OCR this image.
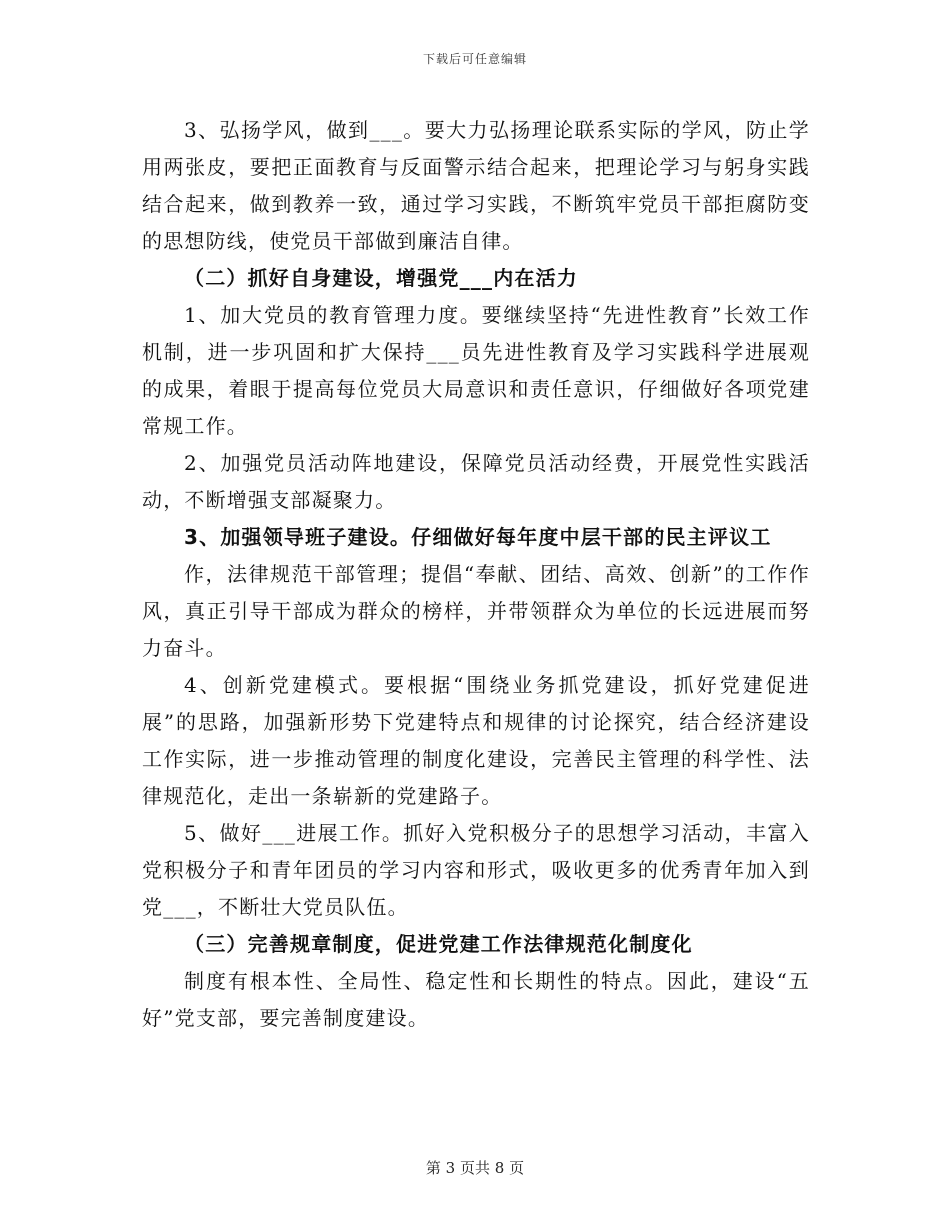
下载后可任意编辑

3、弘扬学风，做到___。要大力弘扬理论联系实际的学风，防止学用两张皮，要把正面教育与反面警示结合起来，把理论学习与躬身实践结合起来，做到教养一致，通过学习实践，不断筑牢党员干部拒腐防变的思想防线，使党员干部做到廉洁自律。

（二）抓好自身建设，增强党___内在活力

1、加大党员的教育管理力度。要继续坚持“先进性教育”长效工作机制，进一步巩固和扩大保持___员先进性教育及学习实践科学进展观的成果，着眼于提高每位党员大局意识和责任意识，仔细做好各项党建常规工作。

2、加强党员活动阵地建设，保障党员活动经费，开展党性实践活动，不断增强支部凝聚力。

3、加强领导班子建设。仔细做好每年度中层干部的民主评议工

作，法律规范干部管理；提倡“奉献、团结、高效、创新”的工作作风，真正引导干部成为群众的榜样，并带领群众为单位的长远进展而努力奋斗。

4、创新党建模式。要根据“围绕业务抓党建设，抓好党建促进展”的思路，加强新形势下党建特点和规律的讨论探究，结合经济建设工作实际，进一步推动管理的制度化建设，完善民主管理的科学性、法律规范化，走出一条崭新的党建路子。

5、做好___进展工作。抓好入党积极分子的思想学习活动，丰富入党积极分子和青年团员的学习内容和形式，吸收更多的优秀青年加入到党___，不断壮大党员队伍。

（三）完善规章制度，促进党建工作法律规范化制度化

制度有根本性、全局性、稳定性和长期性的特点。因此，建设“五好”党支部，要完善制度建设。

第 3 页共 8 页
